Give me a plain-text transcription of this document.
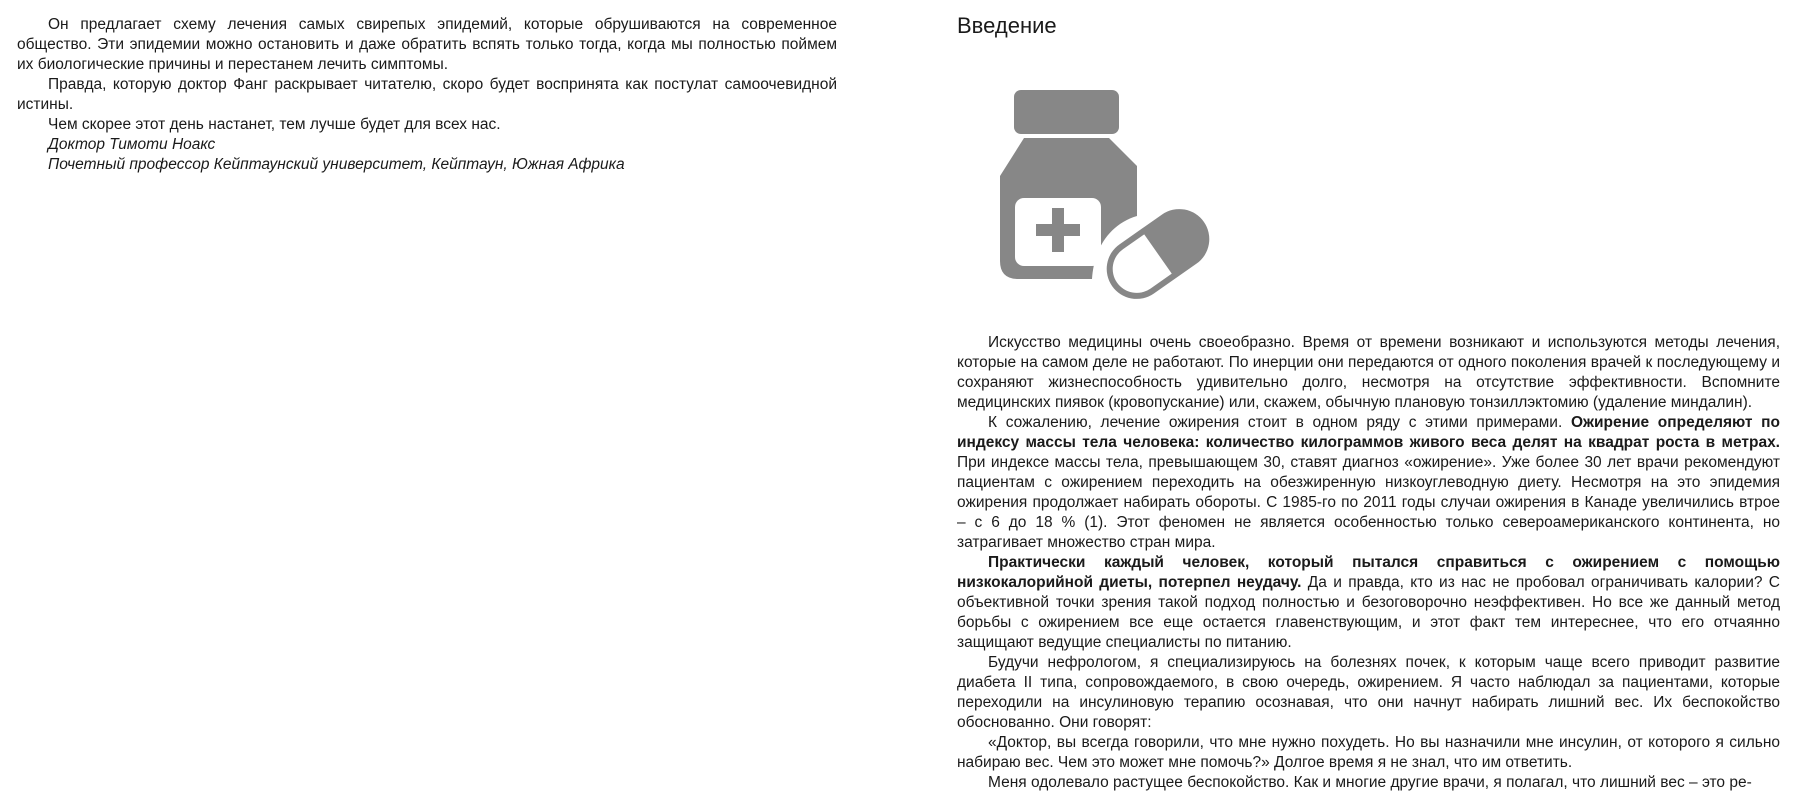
Он предлагает схему лечения самых свирепых эпидемий, которые обрушиваются на современное общество. Эти эпидемии можно остановить и даже обратить вспять только тогда, когда мы полностью поймем их биологические причины и перестанем лечить симптомы.

Правда, которую доктор Фанг раскрывает читателю, скоро будет воспринята как постулат самоочевидной истины.

Чем скорее этот день настанет, тем лучше будет для всех нас.

Доктор Тимоти Ноакс

Почетный профессор Кейптаунский университет, Кейптаун, Южная Африка

Введение

Искусство медицины очень своеобразно. Время от времени возникают и используются методы лечения, которые на самом деле не работают. По инерции они передаются от одного поколения врачей к последующему и сохраняют жизнеспособность удивительно долго, несмотря на отсутствие эффективности. Вспомните медицинских пиявок (кровопускание) или, скажем, обычную плановую тонзиллэктомию (удаление миндалин).

К сожалению, лечение ожирения стоит в одном ряду с этими примерами. Ожирение определяют по индексу массы тела человека: количество килограммов живого веса делят на квадрат роста в метрах. При индексе массы тела, превышающем 30, ставят диагноз «ожирение». Уже более 30 лет врачи рекомендуют пациентам с ожирением переходить на обезжиренную низкоуглеводную диету. Несмотря на это эпидемия ожирения продолжает набирать обороты. С 1985-го по 2011 годы случаи ожирения в Канаде увеличились втрое – с 6 до 18 % (1). Этот феномен не является особенностью только североамериканского континента, но затрагивает множество стран мира.

Практически каждый человек, который пытался справиться с ожирением с помощью низкокалорийной диеты, потерпел неудачу. Да и правда, кто из нас не пробовал ограничивать калории? С объективной точки зрения такой подход полностью и безоговорочно неэффективен. Но все же данный метод борьбы с ожирением все еще остается главенствующим, и этот факт тем интереснее, что его отчаянно защищают ведущие специалисты по питанию.

Будучи нефрологом, я специализируюсь на болезнях почек, к которым чаще всего приводит развитие диабета II типа, сопровождаемого, в свою очередь, ожирением. Я часто наблюдал за пациентами, которые переходили на инсулиновую терапию осознавая, что они начнут набирать лишний вес. Их беспокойство обоснованно. Они говорят:

«Доктор, вы всегда говорили, что мне нужно похудеть. Но вы назначили мне инсулин, от которого я сильно набираю вес. Чем это может мне помочь?» Долгое время я не знал, что им ответить.

Меня одолевало растущее беспокойство. Как и многие другие врачи, я полагал, что лишний вес – это ре-
